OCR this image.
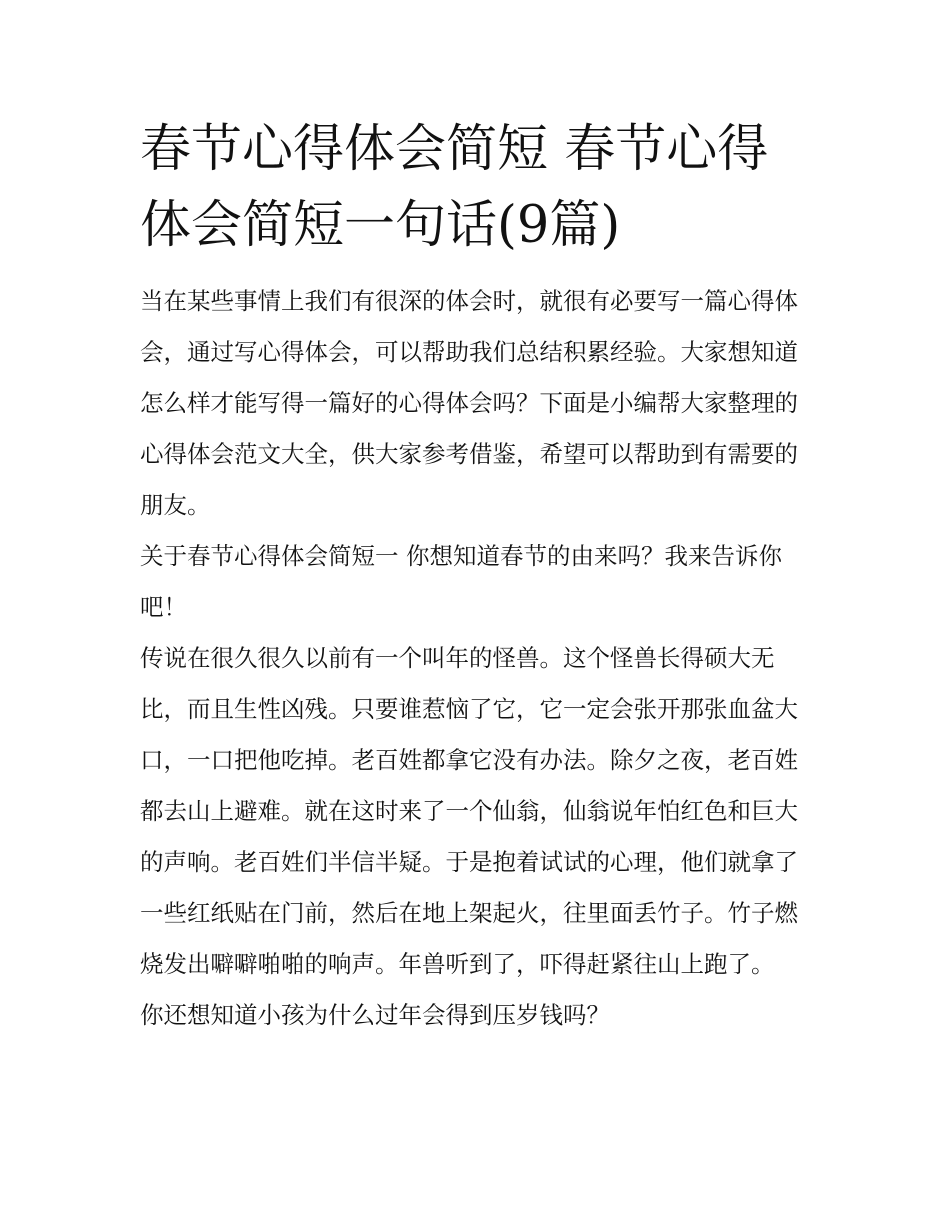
春节心得体会简短 春节心得体会简短一句话(9篇)

当在某些事情上我们有很深的体会时，就很有必要写一篇心得体会，通过写心得体会，可以帮助我们总结积累经验。大家想知道怎么样才能写得一篇好的心得体会吗？下面是小编帮大家整理的心得体会范文大全，供大家参考借鉴，希望可以帮助到有需要的朋友。

关于春节心得体会简短一 你想知道春节的由来吗？我来告诉你吧！

传说在很久很久以前有一个叫年的怪兽。这个怪兽长得硕大无比，而且生性凶残。只要谁惹恼了它，它一定会张开那张血盆大口，一口把他吃掉。老百姓都拿它没有办法。除夕之夜，老百姓都去山上避难。就在这时来了一个仙翁，仙翁说年怕红色和巨大的声响。老百姓们半信半疑。于是抱着试试的心理，他们就拿了一些红纸贴在门前，然后在地上架起火，往里面丢竹子。竹子燃烧发出噼噼啪啪的响声。年兽听到了，吓得赶紧往山上跑了。

你还想知道小孩为什么过年会得到压岁钱吗？
